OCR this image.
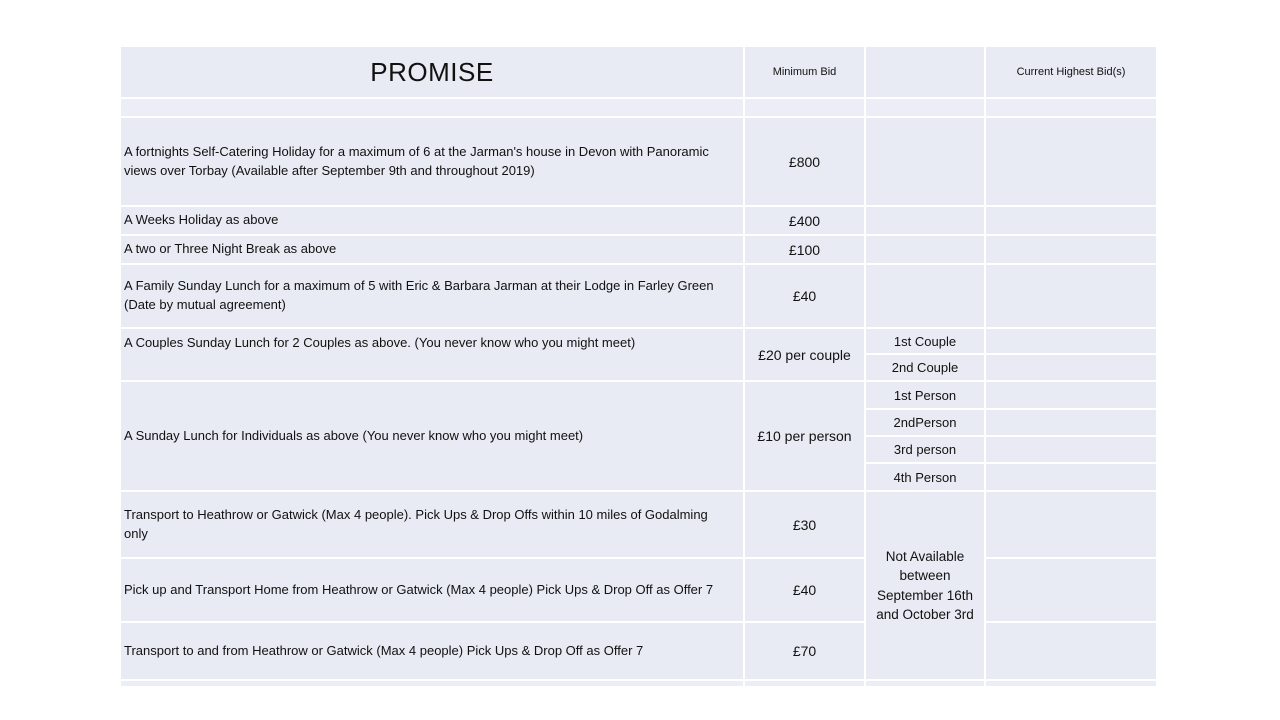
PROMISE	Minimum Bid		Current Highest Bid(s)

A fortnights Self-Catering Holiday for a maximum of 6 at the Jarman's house in Devon with Panoramic views over Torbay (Available after September 9th and throughout 2019)	£800		
A Weeks Holiday as above	£400		
A two or Three Night Break as above	£100		
A Family Sunday Lunch for a maximum of 5 with Eric & Barbara Jarman at their Lodge in Farley Green (Date by mutual agreement)	£40		
A Couples Sunday Lunch for 2 Couples as above. (You never know who you might meet)	£20 per couple	1st Couple	
		2nd Couple	
A Sunday Lunch for Individuals as above (You never know who you might meet)	£10 per person	1st Person	
		2ndPerson	
		3rd person	
		4th Person	
Transport to Heathrow or Gatwick (Max 4 people). Pick Ups & Drop Offs within 10 miles of Godalming only	£30	Not Available between September 16th and October 3rd	
Pick up and Transport Home from Heathrow or Gatwick (Max 4 people) Pick Ups & Drop Off as Offer 7	£40		
Transport to and from Heathrow or Gatwick (Max 4 people) Pick Ups & Drop Off as Offer 7	£70		
